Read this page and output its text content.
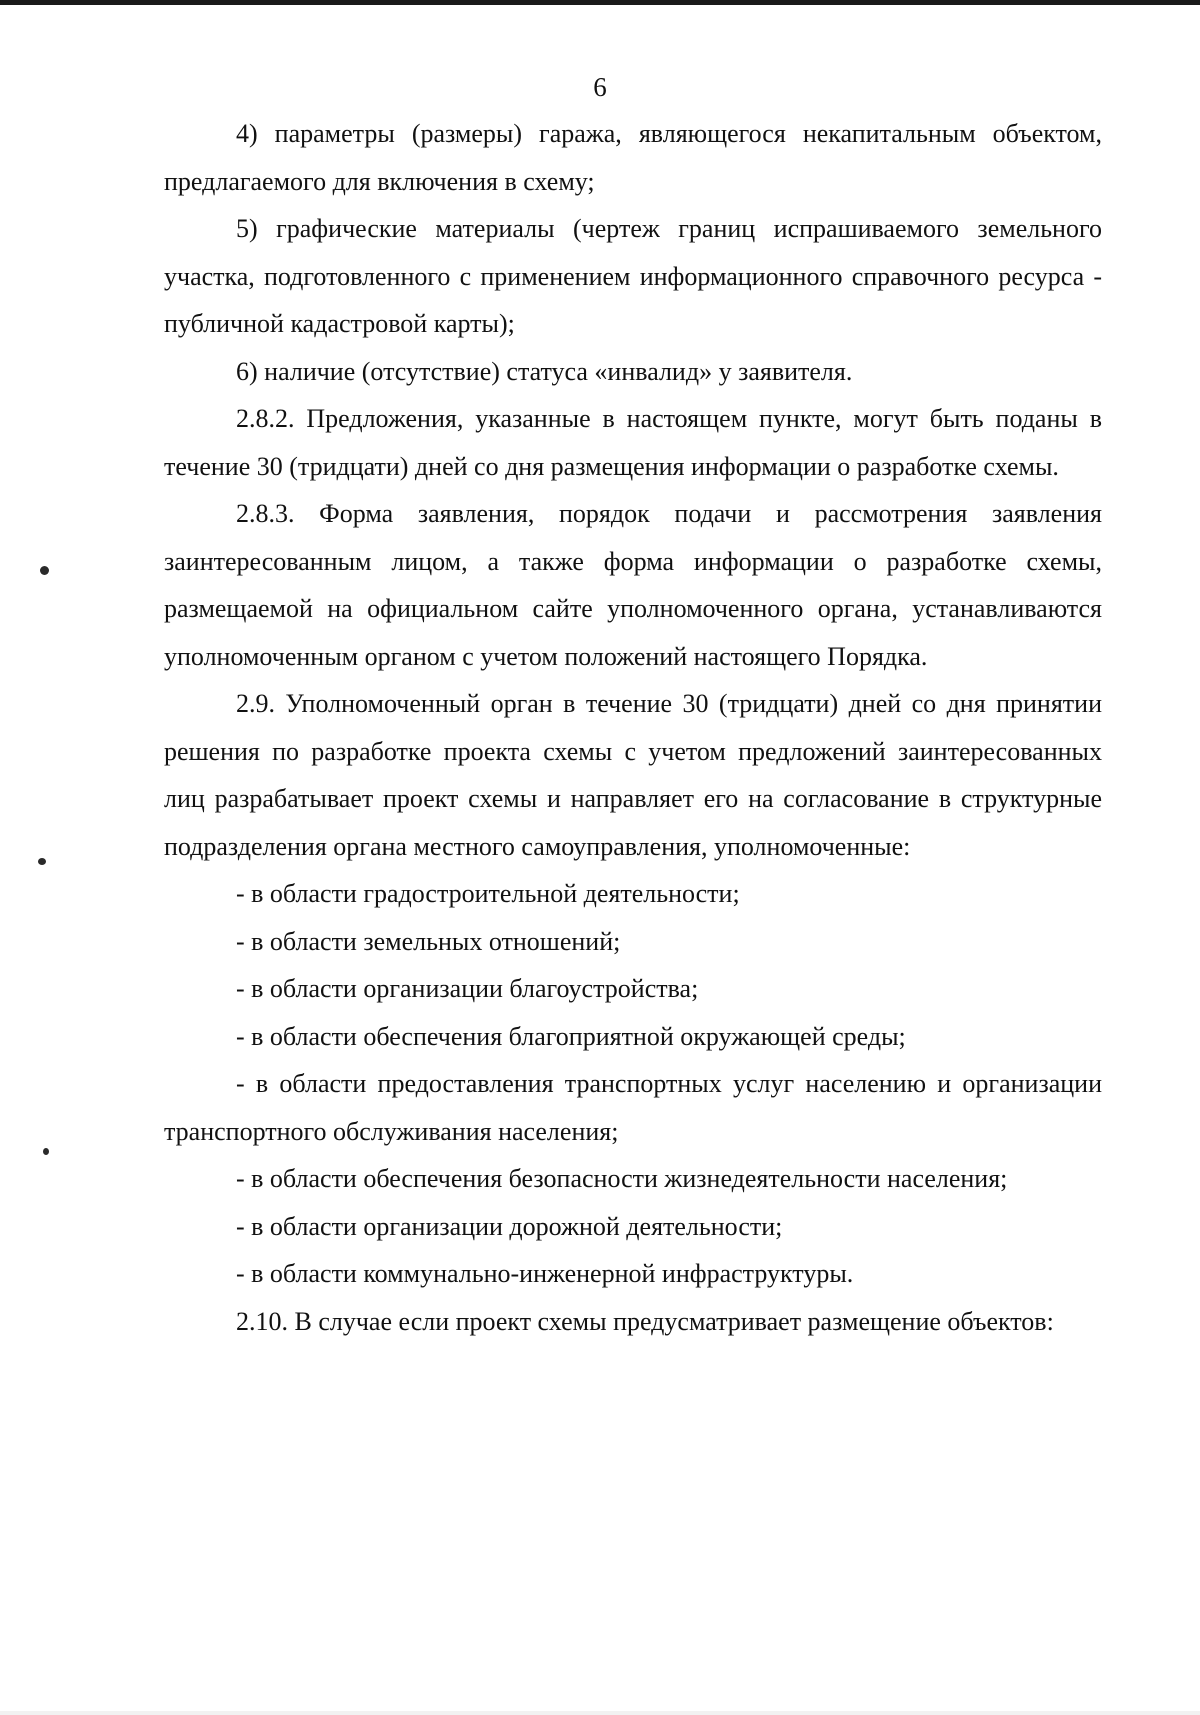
6

4) параметры (размеры) гаража, являющегося некапитальным объектом, предлагаемого для включения в схему;

5) графические материалы (чертеж границ испрашиваемого земельного участка, подготовленного с применением информационного справочного ресурса - публичной кадастровой карты);

6) наличие (отсутствие) статуса «инвалид» у заявителя.

2.8.2. Предложения, указанные в настоящем пункте, могут быть поданы в течение 30 (тридцати) дней со дня размещения информации о разработке схемы.

2.8.3. Форма заявления, порядок подачи и рассмотрения заявления заинтересованным лицом, а также форма информации о разработке схемы, размещаемой на официальном сайте уполномоченного органа, устанавливаются уполномоченным органом с учетом положений настоящего Порядка.

2.9. Уполномоченный орган в течение 30 (тридцати) дней со дня принятии решения по разработке проекта схемы с учетом предложений заинтересованных лиц разрабатывает проект схемы и направляет его на согласование в структурные подразделения органа местного самоуправления, уполномоченные:

- в области градостроительной деятельности;

- в области земельных отношений;

- в области организации благоустройства;

- в области обеспечения благоприятной окружающей среды;

- в области предоставления транспортных услуг населению и организации транспортного обслуживания населения;

- в области обеспечения безопасности жизнедеятельности населения;

- в области организации дорожной деятельности;

- в области коммунально-инженерной инфраструктуры.

2.10. В случае если проект схемы предусматривает размещение объектов:
